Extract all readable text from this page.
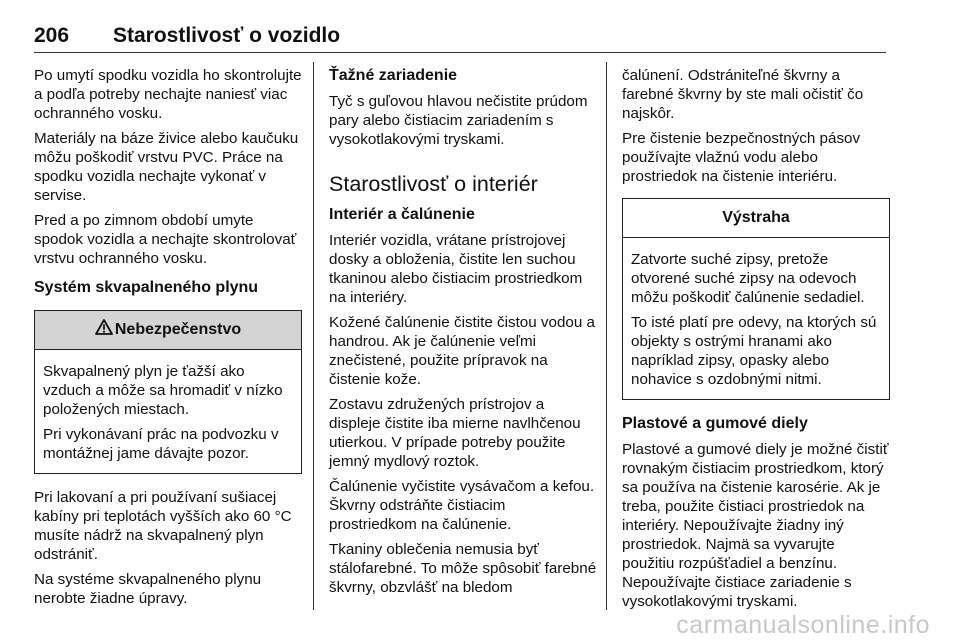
206 Starostlivosť o vozidlo

Po umytí spodku vozidla ho skontrolujte a podľa potreby nechajte naniesť viac ochranného vosku.

Materiály na báze živice alebo kaučuku môžu poškodiť vrstvu PVC. Práce na spodku vozidla nechajte vykonať v servise.

Pred a po zimnom období umyte spodok vozidla a nechajte skontrolovať vrstvu ochranného vosku.

Systém skvapalneného plynu
Nebezpečenstvo

Skvapalnený plyn je ťažší ako vzduch a môže sa hromadiť v nízko položených miestach.

Pri vykonávaní prác na podvozku v montážnej jame dávajte pozor.

Pri lakovaní a pri používaní sušiacej kabíny pri teplotách vyšších ako 60 °C musíte nádrž na skvapalnený plyn odstrániť.

Na systéme skvapalneného plynu nerobte žiadne úpravy.

Ťažné zariadenie

Tyč s guľovou hlavou nečistite prúdom pary alebo čistiacim zariadením s vysokotlakovými tryskami.

Starostlivosť o interiér
Interiér a čalúnenie

Interiér vozidla, vrátane prístrojovej dosky a obloženia, čistite len suchou tkaninou alebo čistiacim prostriedkom na interiéry.

Kožené čalúnenie čistite čistou vodou a handrou. Ak je čalúnenie veľmi znečistené, použite prípravok na čistenie kože.

Zostavu združených prístrojov a displeje čistite iba mierne navlhčenou utierkou. V prípade potreby použite jemný mydlový roztok.

Čalúnenie vyčistite vysávačom a kefou. Škvrny odstráňte čistiacim prostriedkom na čalúnenie.

Tkaniny oblečenia nemusia byť stálofarebné. To môže spôsobiť farebné škvrny, obzvlášť na bledom

čalúnení. Odstrániteľné škvrny a farebné škvrny by ste mali očistiť čo najskôr.

Pre čistenie bezpečnostných pásov používajte vlažnú vodu alebo prostriedok na čistenie interiéru.

Výstraha

Zatvorte suché zipsy, pretože otvorené suché zipsy na odevoch môžu poškodiť čalúnenie sedadiel.

To isté platí pre odevy, na ktorých sú objekty s ostrými hranami ako napríklad zipsy, opasky alebo nohavice s ozdobnými nitmi.

Plastové a gumové diely

Plastové a gumové diely je možné čistiť rovnakým čistiacim prostriedkom, ktorý sa používa na čistenie karosérie. Ak je treba, použite čistiaci prostriedok na interiéry. Nepoužívajte žiadny iný prostriedok. Najmä sa vyvarujte použitiu rozpúšťadiel a benzínu. Nepoužívajte čistiace zariadenie s vysokotlakovými tryskami.

carmanualsonline.info
